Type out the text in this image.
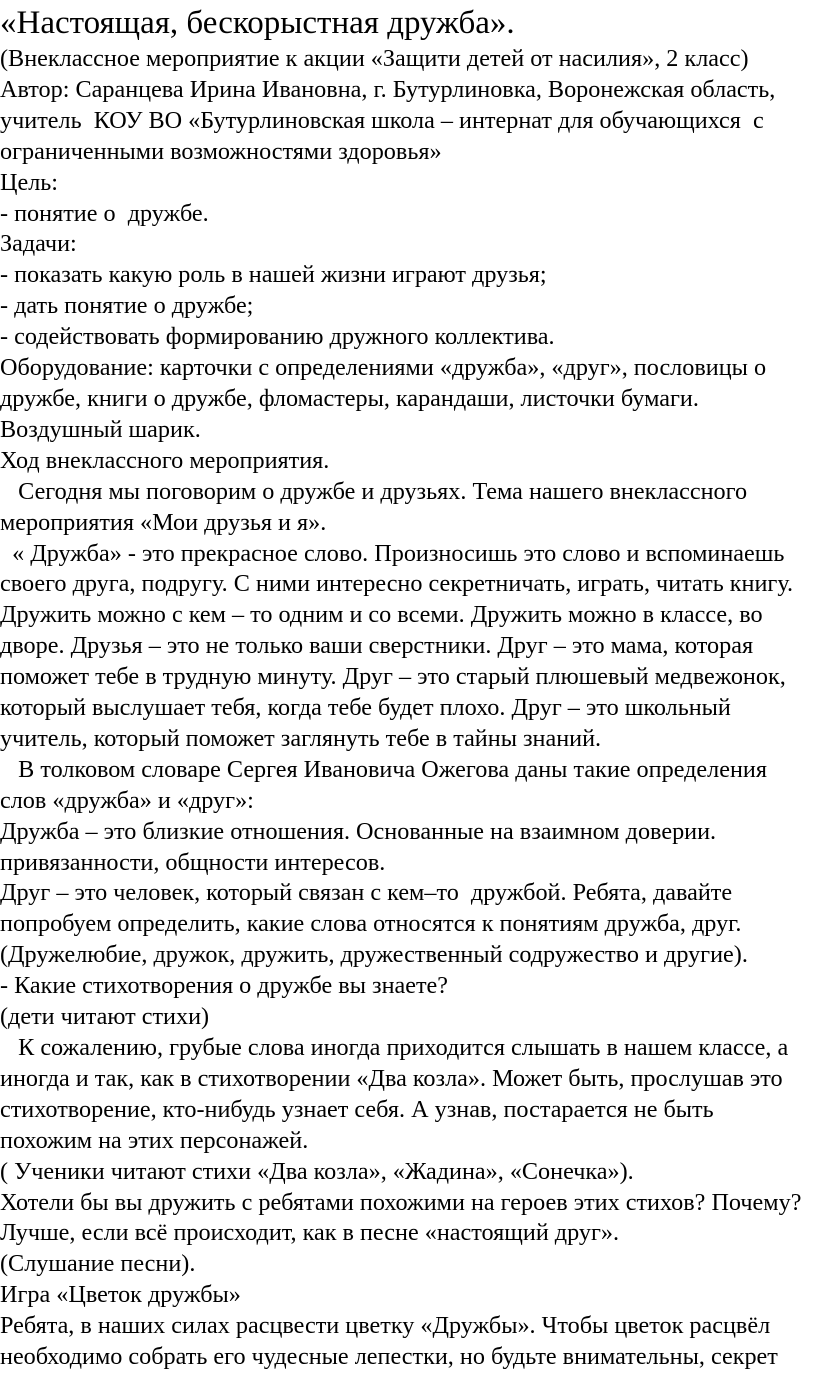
«Настоящая, бескорыстная дружба».
(Внеклассное мероприятие к акции «Защити детей от насилия», 2 класс)
Автор: Саранцева Ирина Ивановна, г. Бутурлиновка, Воронежская область,
учитель  КОУ ВО «Бутурлиновская школа – интернат для обучающихся  с
ограниченными возможностями здоровья»
Цель:
- понятие о  дружбе.
Задачи:
- показать какую роль в нашей жизни играют друзья;
- дать понятие о дружбе;
- содействовать формированию дружного коллектива.
Оборудование: карточки с определениями «дружба», «друг», пословицы о
дружбе, книги о дружбе, фломастеры, карандаши, листочки бумаги.
Воздушный шарик.
Ход внеклассного мероприятия.
Сегодня мы поговорим о дружбе и друзьях. Тема нашего внеклассного
мероприятия «Мои друзья и я».
« Дружба» - это прекрасное слово. Произносишь это слово и вспоминаешь
своего друга, подругу. С ними интересно секретничать, играть, читать книгу.
Дружить можно с кем – то одним и со всеми. Дружить можно в классе, во
дворе. Друзья – это не только ваши сверстники. Друг – это мама, которая
поможет тебе в трудную минуту. Друг – это старый плюшевый медвежонок,
который выслушает тебя, когда тебе будет плохо. Друг – это школьный
учитель, который поможет заглянуть тебе в тайны знаний.
В толковом словаре Сергея Ивановича Ожегова даны такие определения
слов «дружба» и «друг»:
Дружба – это близкие отношения. Основанные на взаимном доверии.
привязанности, общности интересов.
Друг – это человек, который связан с кем–то  дружбой. Ребята, давайте
попробуем определить, какие слова относятся к понятиям дружба, друг.
(Дружелюбие, дружок, дружить, дружественный содружество и другие).
- Какие стихотворения о дружбе вы знаете?
(дети читают стихи)
К сожалению, грубые слова иногда приходится слышать в нашем классе, а
иногда и так, как в стихотворении «Два козла». Может быть, прослушав это
стихотворение, кто-нибудь узнает себя. А узнав, постарается не быть
похожим на этих персонажей.
( Ученики читают стихи «Два козла», «Жадина», «Сонечка»).
Хотели бы вы дружить с ребятами похожими на героев этих стихов? Почему?
Лучше, если всё происходит, как в песне «настоящий друг».
(Слушание песни).
Игра «Цветок дружбы»
Ребята, в наших силах расцвести цветку «Дружбы». Чтобы цветок расцвёл
необходимо собрать его чудесные лепестки, но будьте внимательны, секрет
